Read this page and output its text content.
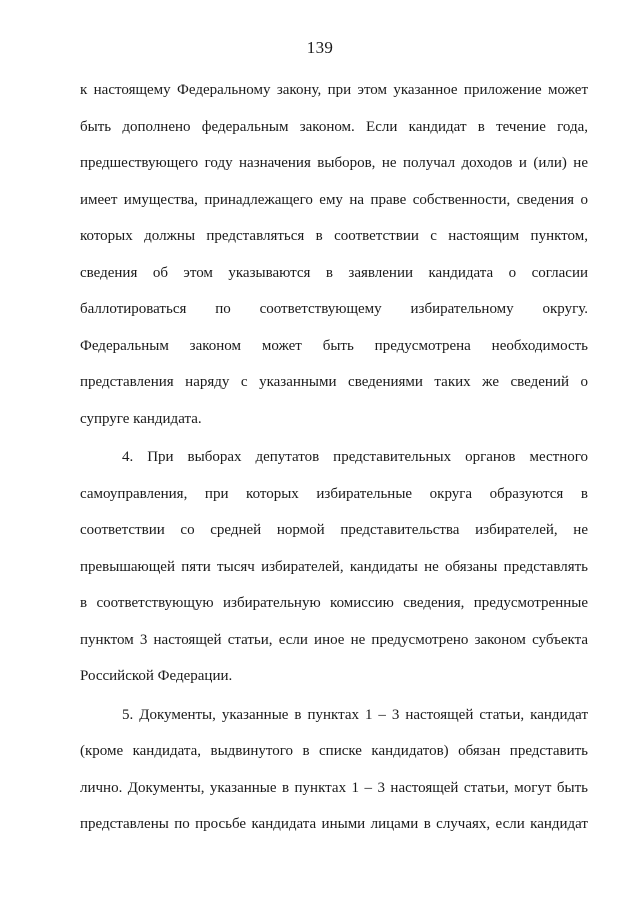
139
к настоящему Федеральному закону, при этом указанное приложение может
быть дополнено федеральным законом. Если кандидат в течение года,
предшествующего году назначения выборов, не получал доходов и (или) не
имеет имущества, принадлежащего ему на праве собственности, сведения о
которых должны представляться в соответствии с настоящим пунктом,
сведения об этом указываются в заявлении кандидата о согласии
баллотироваться по соответствующему избирательному округу.
Федеральным законом может быть предусмотрена необходимость
представления наряду с указанными сведениями таких же сведений о
супруге кандидата.
4. При выборах депутатов представительных органов местного
самоуправления, при которых избирательные округа образуются в
соответствии со средней нормой представительства избирателей, не
превышающей пяти тысяч избирателей, кандидаты не обязаны представлять
в соответствующую избирательную комиссию сведения, предусмотренные
пунктом 3 настоящей статьи, если иное не предусмотрено законом субъекта
Российской Федерации.
5. Документы, указанные в пунктах 1 – 3 настоящей статьи, кандидат
(кроме кандидата, выдвинутого в списке кандидатов) обязан представить
лично. Документы, указанные в пунктах 1 – 3 настоящей статьи, могут быть
представлены по просьбе кандидата иными лицами в случаях, если кандидат
